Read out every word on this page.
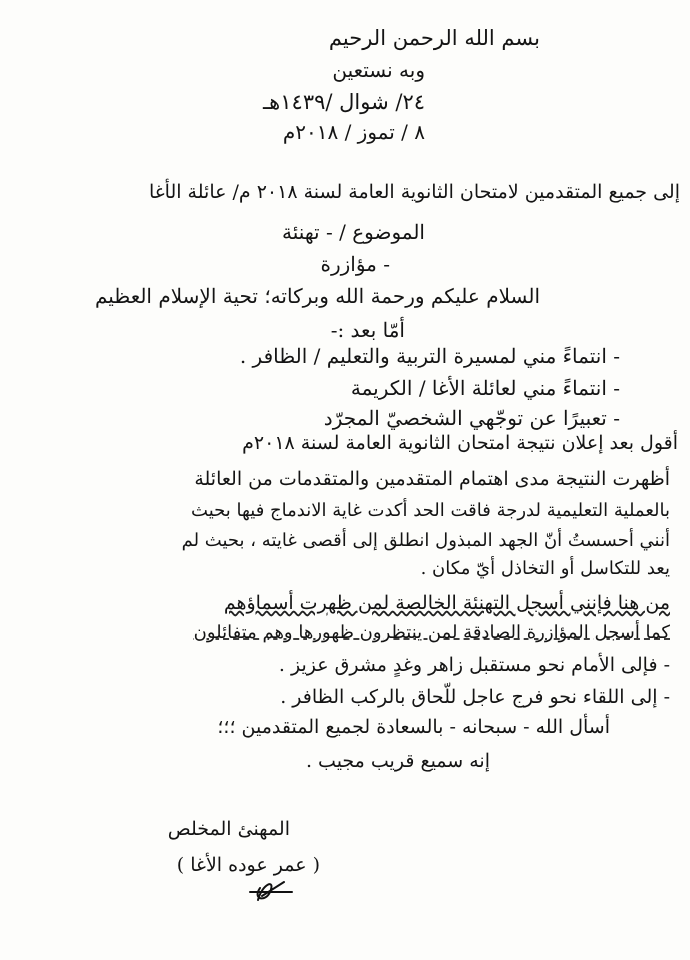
بسم الله الرحمن الرحيم
وبه نستعين
٢٤/ شوال /١٤٣٩هـ
٨ / تموز / ٢٠١٨م
إلى جميع المتقدمين لامتحان الثانوية العامة لسنة ٢٠١٨ م/ عائلة الأغا
الموضوع / - تهنئة
- مؤازرة
السلام عليكم ورحمة الله وبركاته؛ تحية الإسلام العظيم
أمّا بعد :-
- انتماءً مني لمسيرة التربية والتعليم / الظافر .
- انتماءً مني لعائلة الأغا / الكريمة
- تعبيرًا عن توجّهي الشخصيّ المجرّد
أقول بعد إعلان نتيجة امتحان الثانوية العامة لسنة ٢٠١٨م
أظهرت النتيجة مدى اهتمام المتقدمين والمتقدمات من العائلة
بالعملية التعليمية لدرجة فاقت الحد أكدت غاية الاندماج فيها بحيث
أنني أحسستُ أنّ الجهد المبذول انطلق إلى أقصى غايته ، بحيث لم
يعد للتكاسل أو التخاذل أيّ مكان .
من هنا فإنني أسجل التهنئة الخالصة لمن ظهرت أسماؤهم
كما أسجل المؤازرة الصادقة لمن ينتظرون ظهورها وهم متفائلون
- فإلى الأمام نحو مستقبل زاهر وغدٍ مشرق عزيز .
- إلى اللقاء نحو فرج عاجل للّحاق بالركب الظافر .
أسأل الله - سبحانه - بالسعادة لجميع المتقدمين ؛؛؛
إنه سميع قريب مجيب .
المهنئ المخلص
( عمر عوده الأغا )
